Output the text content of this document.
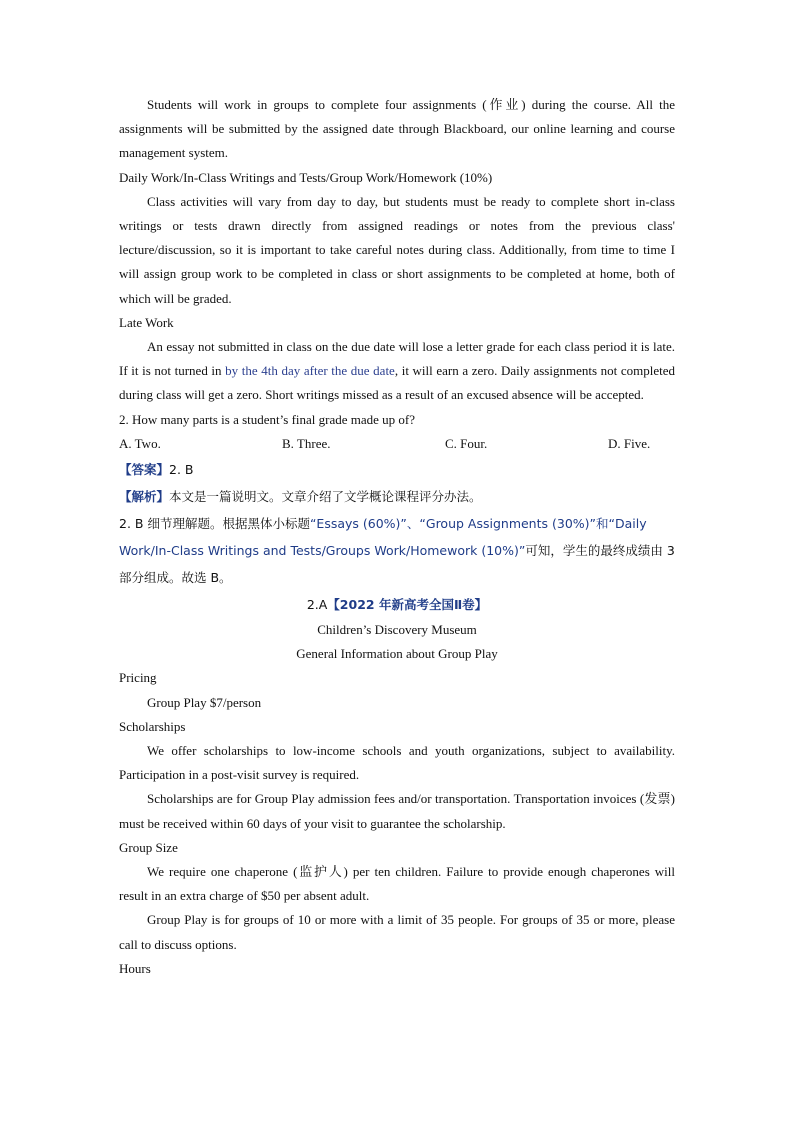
Students will work in groups to complete four assignments (作业) during the course. All the assignments will be submitted by the assigned date through Blackboard, our online learning and course management system.

Daily Work/In-Class Writings and Tests/Group Work/Homework (10%)

Class activities will vary from day to day, but students must be ready to complete short in-class writings or tests drawn directly from assigned readings or notes from the previous class' lecture/discussion, so it is important to take careful notes during class. Additionally, from time to time I will assign group work to be completed in class or short assignments to be completed at home, both of which will be graded.

Late Work

An essay not submitted in class on the due date will lose a letter grade for each class period it is late. If it is not turned in by the 4th day after the due date, it will earn a zero. Daily assignments not completed during class will get a zero. Short writings missed as a result of an excused absence will be accepted.

2. How many parts is a student’s final grade made up of?

A. Two.	B. Three.	C. Four.	D. Five.

【答案】2. B

【解析】本文是一篇说明文。文章介绍了文学概论课程评分办法。

2. B 细节理解题。根据黑体小标题“Essays (60%)”、“Group Assignments (30%)”和“Daily Work/In-Class Writings and Tests/Groups Work/Homework (10%)”可知，学生的最终成绩由 3 部分组成。故选 B。

2.A【2022 年新高考全国Ⅱ卷】

Children’s Discovery Museum

General Information about Group Play

Pricing

Group Play $7/person

Scholarships

We offer scholarships to low-income schools and youth organizations, subject to availability. Participation in a post-visit survey is required.

Scholarships are for Group Play admission fees and/or transportation. Transportation invoices (发票) must be received within 60 days of your visit to guarantee the scholarship.

Group Size

We require one chaperone (监护人) per ten children. Failure to provide enough chaperones will result in an extra charge of $50 per absent adult.

Group Play is for groups of 10 or more with a limit of 35 people. For groups of 35 or more, please call to discuss options.

Hours
